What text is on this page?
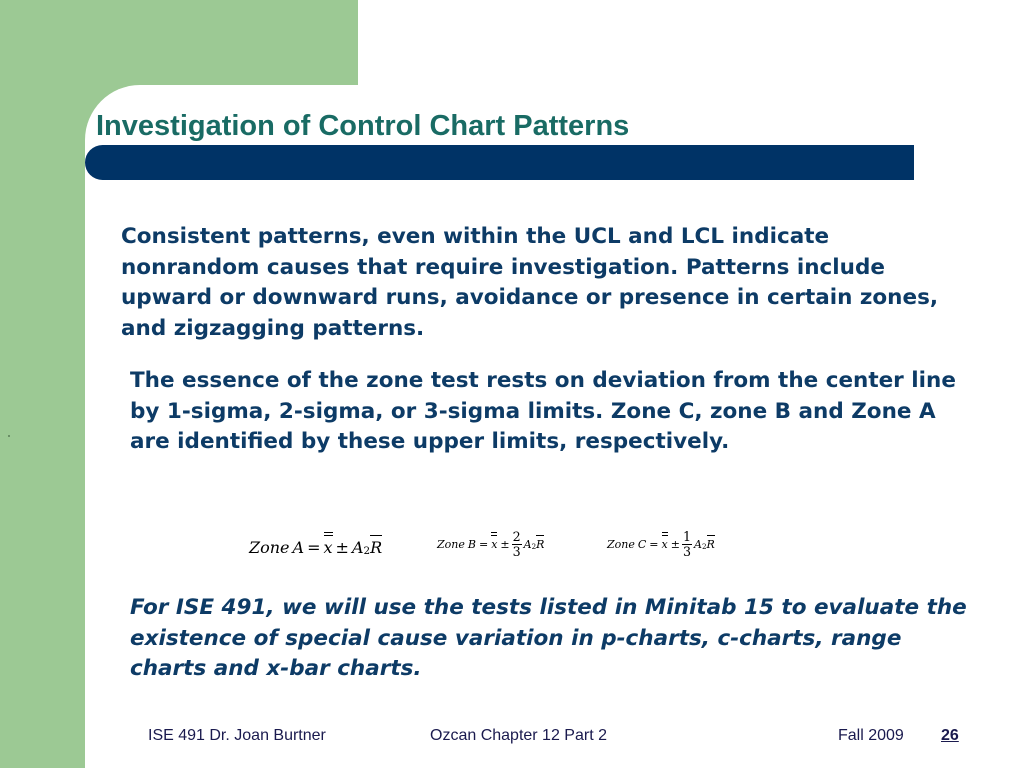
Investigation of Control Chart Patterns
Consistent patterns, even within the UCL and LCL indicate nonrandom causes that require investigation. Patterns include upward or downward runs, avoidance or presence in certain zones, and zigzagging patterns.
The essence of the zone test rests on deviation from the center line by 1-sigma, 2-sigma, or 3-sigma limits. Zone C, zone B and Zone A are identified by these upper limits, respectively.
Zone A = x ± A 2 R	Zone $B = x \pm \frac{2}{3}$ A 2 R	Zone $C = x \pm \frac{1}{3}$ A 2 R
For ISE 491, we will use the tests listed in Minitab 15 to evaluate the existence of special cause variation in p-charts, c-charts, range charts and x-bar charts.
ISE 491 Dr. Joan Burtner	Ozcan Chapter 12 Part 2	Fall 2009 26
